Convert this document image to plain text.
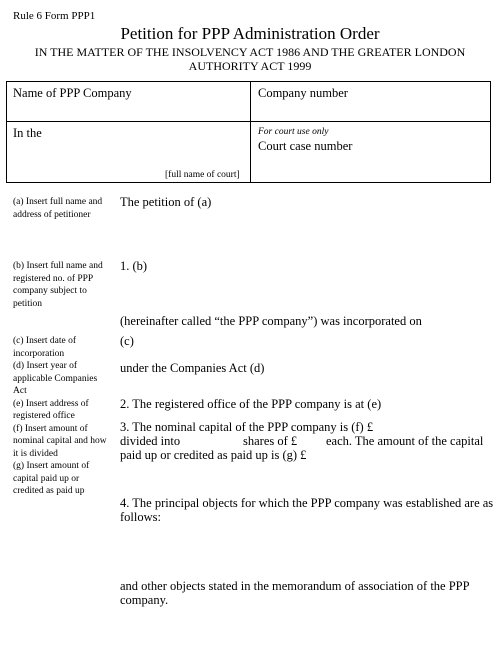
Rule 6 Form PPP1
Petition for PPP Administration Order
IN THE MATTER OF THE INSOLVENCY ACT 1986 AND THE GREATER LONDON
AUTHORITY ACT 1999
Name of PPP Company	Company number
In the
[full name of court]
For court use only
Court case number
(a) Insert full name and
address of petitioner
(b) Insert full name and
registered no. of PPP
company subject to
petition
(c) Insert date of
incorporation
(d) Insert year of
applicable Companies
Act
(e) Insert address of
registered office
(f) Insert amount of
nominal capital and how
it is divided
(g) Insert amount of
capital paid up or
credited as paid up
The petition of (a)
1. (b)
(hereinafter called “the PPP company”) was incorporated on
(c)
under the Companies Act (d)
2. The registered office of the PPP company is at (e)
3. The nominal capital of the PPP company is (f) £
divided into	shares of £ each. The amount of the capital
paid up or credited as paid up is (g) £
4. The principal objects for which the PPP company was established are as
follows:
and other objects stated in the memorandum of association of the PPP
company.
